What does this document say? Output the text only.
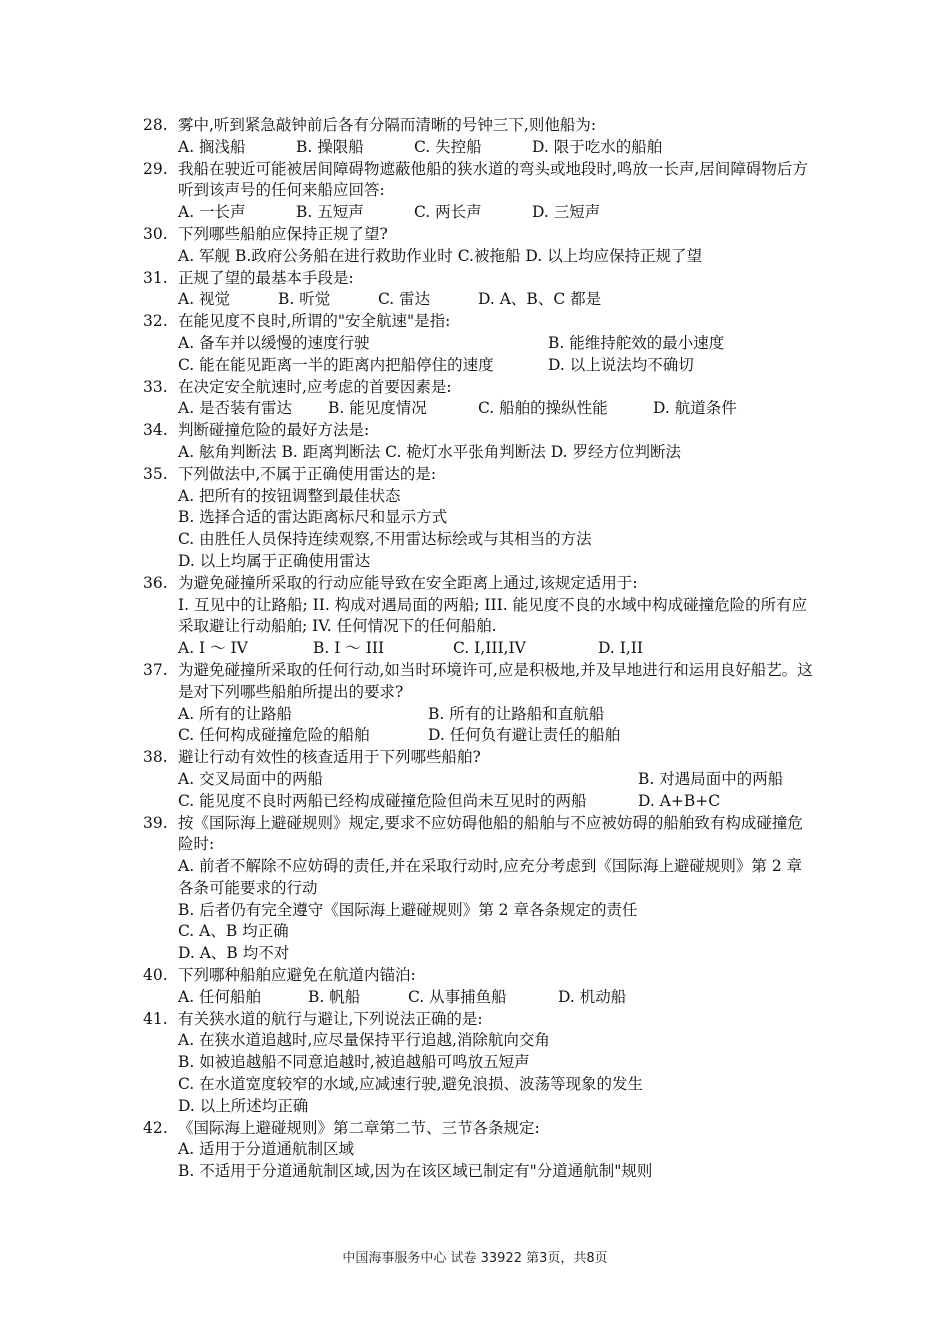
28. 雾中,听到紧急敲钟前后各有分隔而清晰的号钟三下,则他船为:
A. 搁浅船	B. 操限船	C. 失控船	D. 限于吃水的船舶
29. 我船在驶近可能被居间障碍物遮蔽他船的狭水道的弯头或地段时,鸣放一长声,居间障碍物后方听到该声号的任何来船应回答:
A. 一长声	B. 五短声	C. 两长声	D. 三短声
30. 下列哪些船舶应保持正规了望?
A. 军舰 B.政府公务船在进行救助作业时 C.被拖船 D. 以上均应保持正规了望
31. 正规了望的最基本手段是:
A. 视觉	B. 听觉	C. 雷达	D. A、B、C 都是
32. 在能见度不良时,所谓的"安全航速"是指:
A. 备车并以缓慢的速度行驶	B. 能维持舵效的最小速度
C. 能在能见距离一半的距离内把船停住的速度	D. 以上说法均不确切
33. 在决定安全航速时,应考虑的首要因素是:
A. 是否装有雷达	B. 能见度情况	C. 船舶的操纵性能	D. 航道条件
34. 判断碰撞危险的最好方法是:
A. 舷角判断法 B. 距离判断法 C. 桅灯水平张角判断法 D. 罗经方位判断法
35. 下列做法中,不属于正确使用雷达的是:
A. 把所有的按钮调整到最佳状态
B. 选择合适的雷达距离标尺和显示方式
C. 由胜任人员保持连续观察,不用雷达标绘或与其相当的方法
D. 以上均属于正确使用雷达
36. 为避免碰撞所采取的行动应能导致在安全距离上通过,该规定适用于:
I. 互见中的让路船; II. 构成对遇局面的两船; III. 能见度不良的水域中构成碰撞危险的所有应采取避让行动船舶; IV. 任何情况下的任何船舶.
A. I ～ IV	B. I ～ III	C. I,III,IV	D. I,II
37. 为避免碰撞所采取的任何行动,如当时环境许可,应是积极地,并及早地进行和运用良好船艺。这是对下列哪些船舶所提出的要求?
A. 所有的让路船	B. 所有的让路船和直航船
C. 任何构成碰撞危险的船舶	D. 任何负有避让责任的船舶
38. 避让行动有效性的核查适用于下列哪些船舶?
A. 交叉局面中的两船	B. 对遇局面中的两船
C. 能见度不良时两船已经构成碰撞危险但尚未互见时的两船	D. A+B+C
39. 按《国际海上避碰规则》规定,要求不应妨碍他船的船舶与不应被妨碍的船舶致有构成碰撞危险时:
A. 前者不解除不应妨碍的责任,并在采取行动时,应充分考虑到《国际海上避碰规则》第 2 章各条可能要求的行动
B. 后者仍有完全遵守《国际海上避碰规则》第 2 章各条规定的责任
C. A、B 均正确
D. A、B 均不对
40. 下列哪种船舶应避免在航道内锚泊:
A. 任何船舶	B. 帆船	C. 从事捕鱼船	D. 机动船
41. 有关狭水道的航行与避让,下列说法正确的是:
A. 在狭水道追越时,应尽量保持平行追越,消除航向交角
B. 如被追越船不同意追越时,被追越船可鸣放五短声
C. 在水道宽度较窄的水域,应减速行驶,避免浪损、波荡等现象的发生
D. 以上所述均正确
42. 《国际海上避碰规则》第二章第二节、三节各条规定:
A. 适用于分道通航制区域
B. 不适用于分道通航制区域,因为在该区域已制定有"分道通航制"规则
中国海事服务中心 试卷 33922 第3页，共8页
